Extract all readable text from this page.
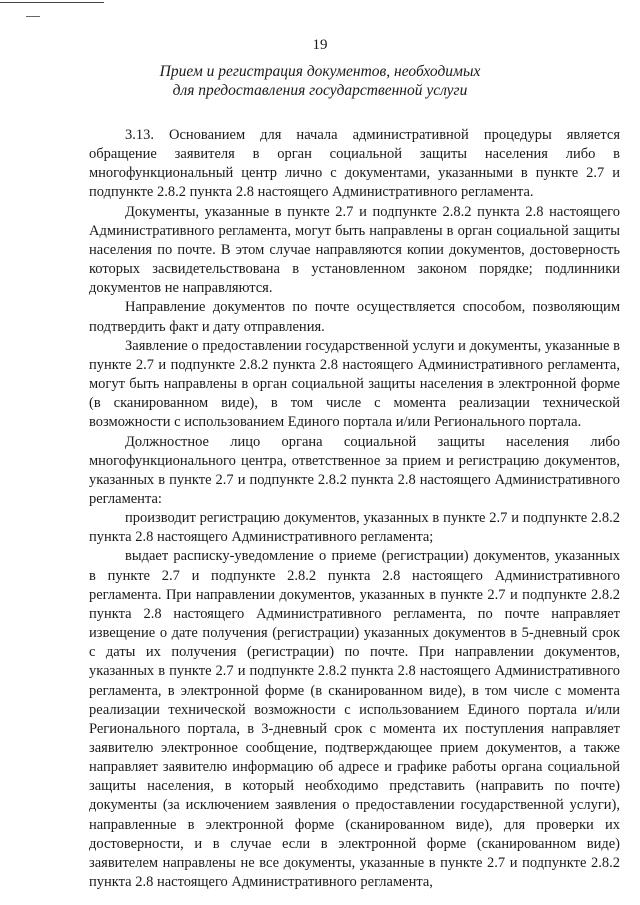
19
Прием и регистрация документов, необходимых
для предоставления государственной услуги

3.13. Основанием для начала административной процедуры является обращение заявителя в орган социальной защиты населения либо в многофункциональный центр лично с документами, указанными в пункте 2.7 и подпункте 2.8.2 пункта 2.8 настоящего Административного регламента.

Документы, указанные в пункте 2.7 и подпункте 2.8.2 пункта 2.8 настоящего Административного регламента, могут быть направлены в орган социальной защиты населения по почте. В этом случае направляются копии документов, достоверность которых засвидетельствована в установленном законом порядке; подлинники документов не направляются.

Направление документов по почте осуществляется способом, позволяющим подтвердить факт и дату отправления.

Заявление о предоставлении государственной услуги и документы, указанные в пункте 2.7 и подпункте 2.8.2 пункта 2.8 настоящего Административного регламента, могут быть направлены в орган социальной защиты населения в электронной форме (в сканированном виде), в том числе с момента реализации технической возможности с использованием Единого портала и/или Регионального портала.

Должностное лицо органа социальной защиты населения либо многофункционального центра, ответственное за прием и регистрацию документов, указанных в пункте 2.7 и подпункте 2.8.2 пункта 2.8 настоящего Административного регламента:

производит регистрацию документов, указанных в пункте 2.7 и подпункте 2.8.2 пункта 2.8 настоящего Административного регламента;

выдает расписку-уведомление о приеме (регистрации) документов, указанных в пункте 2.7 и подпункте 2.8.2 пункта 2.8 настоящего Административного регламента. При направлении документов, указанных в пункте 2.7 и подпункте 2.8.2 пункта 2.8 настоящего Административного регламента, по почте направляет извещение о дате получения (регистрации) указанных документов в 5-дневный срок с даты их получения (регистрации) по почте. При направлении документов, указанных в пункте 2.7 и подпункте 2.8.2 пункта 2.8 настоящего Административного регламента, в электронной форме (в сканированном виде), в том числе с момента реализации технической возможности с использованием Единого портала и/или Регионального портала, в 3-дневный срок с момента их поступления направляет заявителю электронное сообщение, подтверждающее прием документов, а также направляет заявителю информацию об адресе и графике работы органа социальной защиты населения, в который необходимо представить (направить по почте) документы (за исключением заявления о предоставлении государственной услуги), направленные в электронной форме (сканированном виде), для проверки их достоверности, и в случае если в электронной форме (сканированном виде) заявителем направлены не все документы, указанные в пункте 2.7 и подпункте 2.8.2 пункта 2.8 настоящего Административного регламента,
